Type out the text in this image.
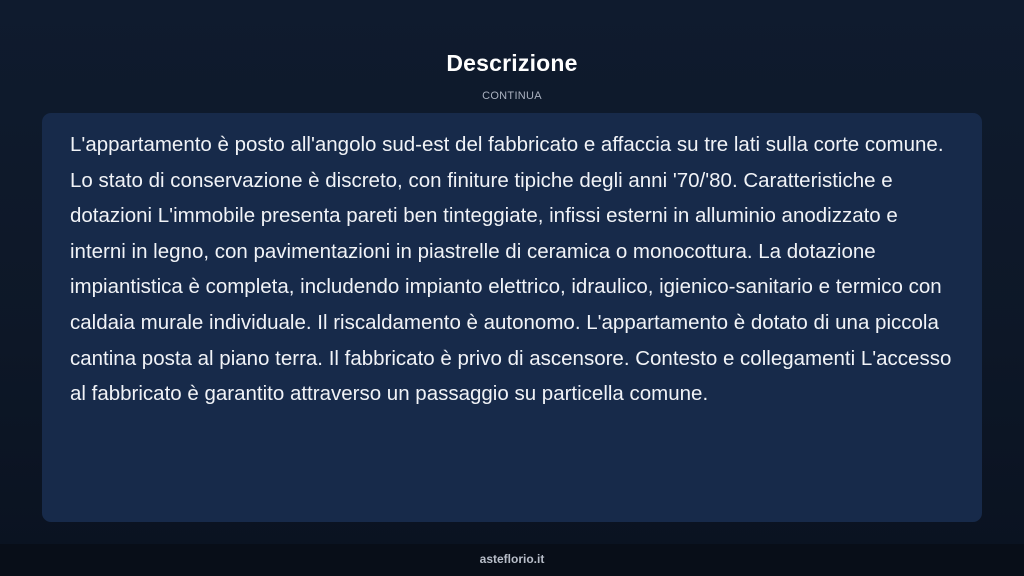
Descrizione
CONTINUA

L'appartamento è posto all'angolo sud-est del fabbricato e affaccia su tre lati sulla corte comune. Lo stato di conservazione è discreto, con finiture tipiche degli anni '70/'80. Caratteristiche e dotazioni L'immobile presenta pareti ben tinteggiate, infissi esterni in alluminio anodizzato e interni in legno, con pavimentazioni in piastrelle di ceramica o monocottura. La dotazione impiantistica è completa, includendo impianto elettrico, idraulico, igienico-sanitario e termico con caldaia murale individuale. Il riscaldamento è autonomo. L'appartamento è dotato di una piccola cantina posta al piano terra. Il fabbricato è privo di ascensore. Contesto e collegamenti L'accesso al fabbricato è garantito attraverso un passaggio su particella comune.

asteflorio.it
